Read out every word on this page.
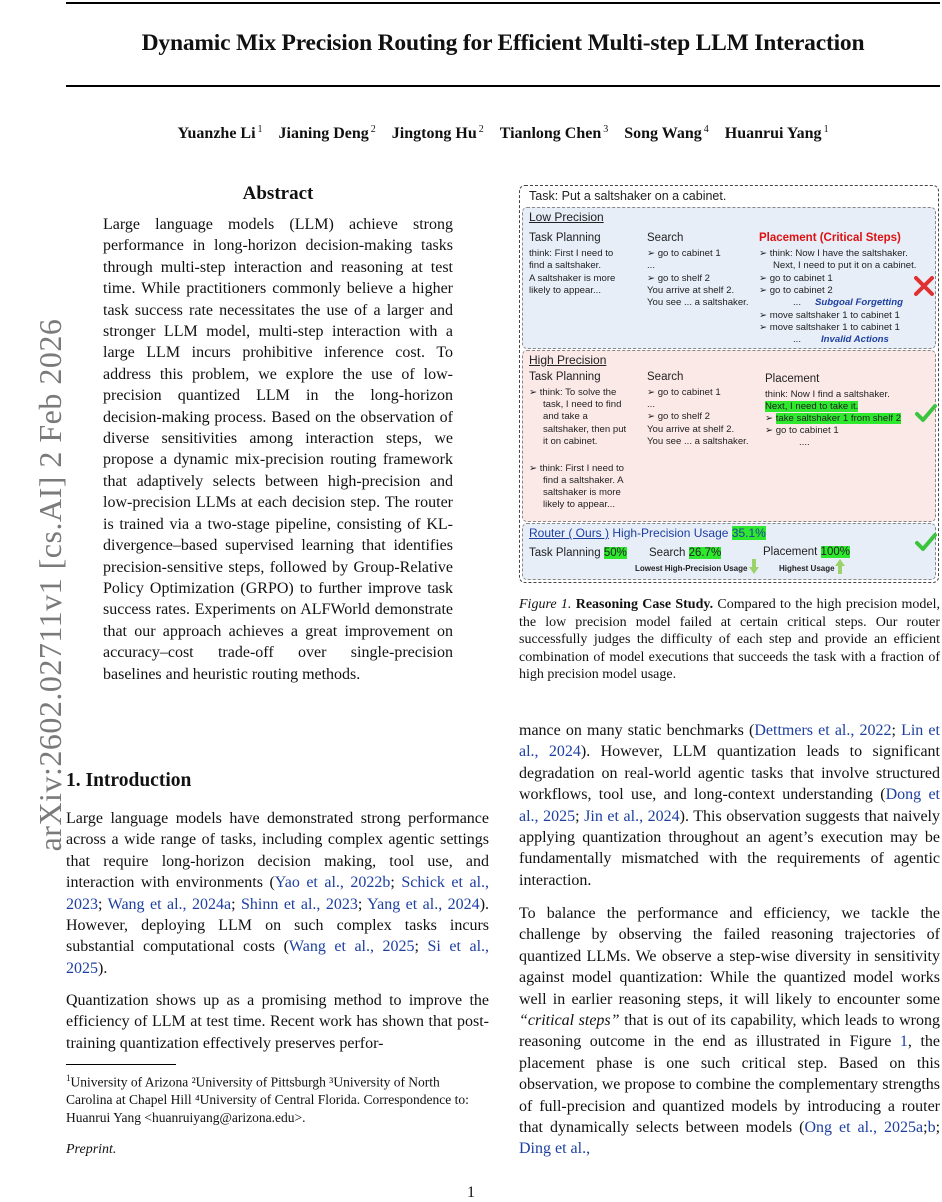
Dynamic Mix Precision Routing for Efficient Multi-step LLM Interaction
Yuanzhe Li $^1$ Jianing Deng $^2$ Jingtong Hu $^2$ Tianlong Chen $^3$ Song Wang $^4$ Huanrui Yang $^1$
arXiv:2602.02711v1 [cs.AI] 2 Feb 2026
Abstract
Large language models (LLM) achieve strong performance in long-horizon decision-making tasks through multi-step interaction and reasoning at test time. While practitioners commonly believe a higher task success rate necessitates the use of a larger and stronger LLM model, multi-step interaction with a large LLM incurs prohibitive inference cost. To address this problem, we explore the use of low-precision quantized LLM in the long-horizon decision-making process. Based on the observation of diverse sensitivities among interaction steps, we propose a dynamic mix-precision routing framework that adaptively selects between high-precision and low-precision LLMs at each decision step. The router is trained via a two-stage pipeline, consisting of KL-divergence–based supervised learning that identifies precision-sensitive steps, followed by Group-Relative Policy Optimization (GRPO) to further improve task success rates. Experiments on ALFWorld demonstrate that our approach achieves a great improvement on accuracy–cost trade-off over single-precision baselines and heuristic routing methods.
1. Introduction
Large language models have demonstrated strong performance across a wide range of tasks, including complex agentic settings that require long-horizon decision making, tool use, and interaction with environments (Yao et al., 2022b; Schick et al., 2023; Wang et al., 2024a; Shinn et al., 2023; Yang et al., 2024). However, deploying LLM on such complex tasks incurs substantial computational costs (Wang et al., 2025; Si et al., 2025).
Quantization shows up as a promising method to improve the efficiency of LLM at test time. Recent work has shown that post-training quantization effectively preserves perfor-
$^1$University of Arizona ²University of Pittsburgh ³University of North Carolina at Chapel Hill ⁴University of Central Florida. Correspondence to: Huanrui Yang <huanruiyang@arizona.edu>.
Preprint.
1
mance on many static benchmarks (Dettmers et al., 2022; Lin et al., 2024). However, LLM quantization leads to significant degradation on real-world agentic tasks that involve structured workflows, tool use, and long-context understanding (Dong et al., 2025; Jin et al., 2024). This observation suggests that naively applying quantization throughout an agent’s execution may be fundamentally mismatched with the requirements of agentic interaction.
To balance the performance and efficiency, we tackle the challenge by observing the failed reasoning trajectories of quantized LLMs. We observe a step-wise diversity in sensitivity against model quantization: While the quantized model works well in earlier reasoning steps, it will likely to encounter some “critical steps” that is out of its capability, which leads to wrong reasoning outcome in the end as illustrated in Figure 1, the placement phase is one such critical step. Based on this observation, we propose to combine the complementary strengths of full-precision and quantized models by introducing a router that dynamically selects between models (Ong et al., 2025a;b; Ding et al.,
Task: Put a saltshaker on a cabinet.
Low Precision
Task Planning
think: First I need to
find a saltshaker.
A saltshaker is more
likely to appear...
Search
➢ go to cabinet 1
...
➢ go to shelf 2
You arrive at shelf 2.
You see ... a saltshaker.
Placement (Critical Steps)
➢ think: Now I have the saltshaker.
Next, I need to put it on a cabinet.
➢ go to cabinet 1
➢ go to cabinet 2
... Subgoal Forgetting
➢ move saltshaker 1 to cabinet 1
➢ move saltshaker 1 to cabinet 1
... Invalid Actions
High Precision
Task Planning
➢ think: To solve the
task, I need to find
and take a
saltshaker, then put
it on cabinet.
➢ think: First I need to
find a saltshaker. A
saltshaker is more
likely to appear...
Search
➢ go to cabinet 1
...
➢ go to shelf 2
You arrive at shelf 2.
You see ... a saltshaker.
Placement
think: Now I find a saltshaker.
Next, I need to take it.
➢ take saltshaker 1 from shelf 2
➢ go to cabinet 1
....
Router ( Ours ) High-Precision Usage 35.1%
Task Planning 50% Search 26.7%	Placement 100%
Lowest High-Precision Usage	Highest Usage
Figure 1. Reasoning Case Study. Compared to the high precision model, the low precision model failed at certain critical steps. Our router successfully judges the difficulty of each step and provide an efficient combination of model executions that succeeds the task with a fraction of high precision model usage.
